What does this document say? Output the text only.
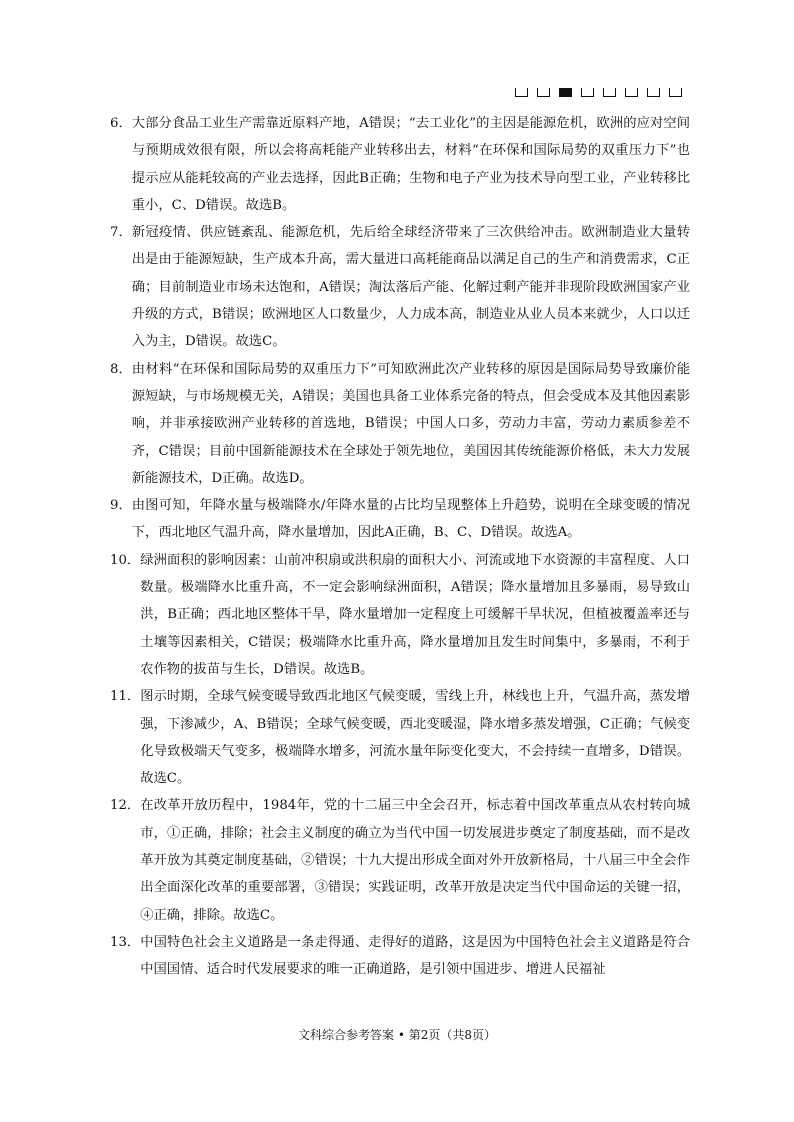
6． 大部分食品工业生产需靠近原料产地，A错误；“去工业化”的主因是能源危机，欧洲的应对空间与预期成效很有限，所以会将高耗能产业转移出去，材料“在环保和国际局势的双重压力下”也提示应从能耗较高的产业去选择，因此B正确；生物和电子产业为技术导向型工业，产业转移比重小，C、D错误。故选B。
7． 新冠疫情、供应链紊乱、能源危机，先后给全球经济带来了三次供给冲击。欧洲制造业大量转出是由于能源短缺，生产成本升高，需大量进口高耗能商品以满足自己的生产和消费需求，C正确；目前制造业市场未达饱和，A错误；淘汰落后产能、化解过剩产能并非现阶段欧洲国家产业升级的方式，B错误；欧洲地区人口数量少，人力成本高，制造业从业人员本来就少，人口以迁入为主，D错误。故选C。
8． 由材料“在环保和国际局势的双重压力下”可知欧洲此次产业转移的原因是国际局势导致廉价能源短缺，与市场规模无关，A错误；美国也具备工业体系完备的特点，但会受成本及其他因素影响，并非承接欧洲产业转移的首选地，B错误；中国人口多，劳动力丰富，劳动力素质参差不齐，C错误；目前中国新能源技术在全球处于领先地位，美国因其传统能源价格低，未大力发展新能源技术，D正确。故选D。
9． 由图可知，年降水量与极端降水/年降水量的占比均呈现整体上升趋势，说明在全球变暖的情况下，西北地区气温升高，降水量增加，因此A正确，B、C、D错误。故选A。
10． 绿洲面积的影响因素：山前冲积扇或洪积扇的面积大小、河流或地下水资源的丰富程度、人口数量。极端降水比重升高，不一定会影响绿洲面积，A错误；降水量增加且多暴雨，易导致山洪，B正确；西北地区整体干旱，降水量增加一定程度上可缓解干旱状况，但植被覆盖率还与土壤等因素相关，C错误；极端降水比重升高，降水量增加且发生时间集中，多暴雨，不利于农作物的拔苗与生长，D错误。故选B。
11． 图示时期，全球气候变暖导致西北地区气候变暖，雪线上升，林线也上升，气温升高，蒸发增强，下渗减少，A、B错误；全球气候变暖，西北变暖湿，降水增多蒸发增强，C正确；气候变化导致极端天气变多，极端降水增多，河流水量年际变化变大，不会持续一直增多，D错误。故选C。
12． 在改革开放历程中，1984年，党的十二届三中全会召开，标志着中国改革重点从农村转向城市，①正确，排除；社会主义制度的确立为当代中国一切发展进步奠定了制度基础，而不是改革开放为其奠定制度基础，②错误；十九大提出形成全面对外开放新格局，十八届三中全会作出全面深化改革的重要部署，③错误；实践证明，改革开放是决定当代中国命运的关键一招，④正确，排除。故选C。
13． 中国特色社会主义道路是一条走得通、走得好的道路，这是因为中国特色社会主义道路是符合中国国情、适合时代发展要求的唯一正确道路，是引领中国进步、增进人民福祉
文科综合参考答案 • 第2页（共8页）
